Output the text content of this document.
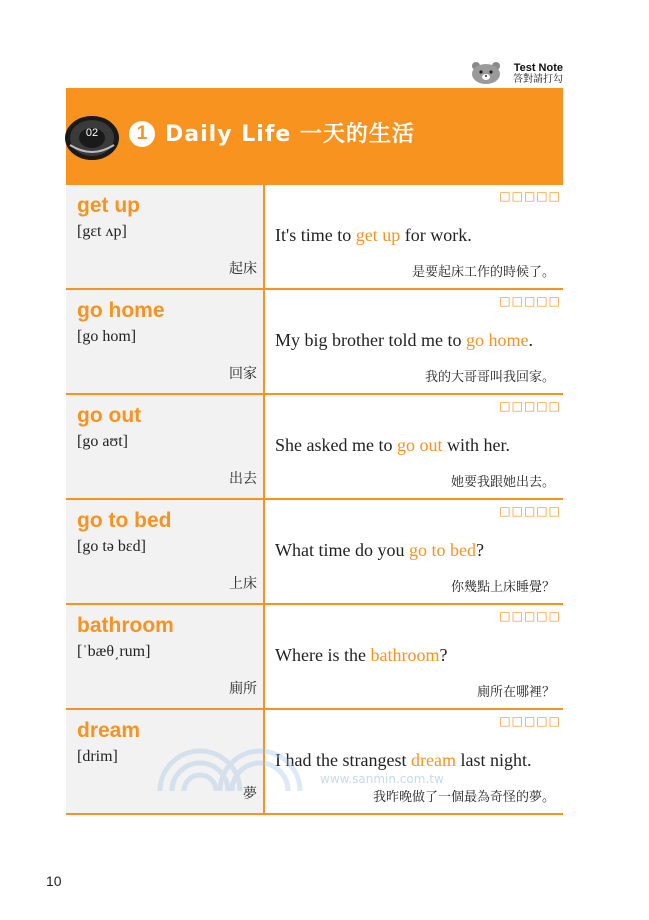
Test Note
答對請打勾
02	1 Daily Life 一天的生活
get up
[gɛt ʌp]
起床
□□□□□
It's time to get up for work.
是要起床工作的時候了。
go home
[go hom]
回家
□□□□□
My big brother told me to go home.
我的大哥哥叫我回家。
go out
[go aʊt]
出去
□□□□□
She asked me to go out with her.
她要我跟她出去。
go to bed
[go tə bɛd]
上床
□□□□□
What time do you go to bed?
你幾點上床睡覺？
bathroom
[ˈbæθ͵rum]
廁所
□□□□□
Where is the bathroom?
廁所在哪裡？
dream
[drim]
夢
□□□□□
I had the strangest dream last night.
我昨晚做了一個最為奇怪的夢。
www.sanmin.com.tw
10
